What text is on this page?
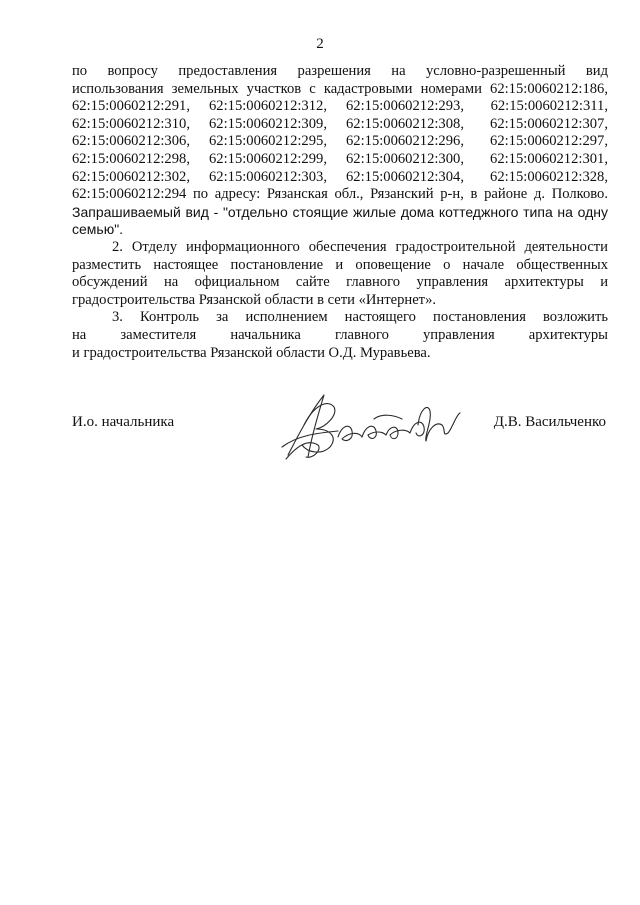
2

по вопросу предоставления разрешения на условно-разрешенный вид

использования земельных участков с кадастровыми номерами 62:15:0060212:186,

62:15:0060212:291,	62:15:0060212:312,	62:15:0060212:293,	62:15:0060212:311,
62:15:0060212:310,	62:15:0060212:309,	62:15:0060212:308,	62:15:0060212:307,
62:15:0060212:306,	62:15:0060212:295,	62:15:0060212:296,	62:15:0060212:297,
62:15:0060212:298,	62:15:0060212:299,	62:15:0060212:300,	62:15:0060212:301,
62:15:0060212:302,	62:15:0060212:303,	62:15:0060212:304,	62:15:0060212:328,

62:15:0060212:294 по адресу: Рязанская обл., Рязанский р-н, в районе д. Полково.

Запрашиваемый вид - "отдельно стоящие жилые дома коттеджного типа на одну семью".

2. Отделу информационного обеспечения градостроительной деятельности разместить настоящее постановление и оповещение о начале общественных обсуждений на официальном сайте главного управления архитектуры и градостроительства Рязанской области в сети «Интернет».

3. Контроль за исполнением настоящего постановления возложить

на заместителя начальника главного управления архитектуры

и градостроительства Рязанской области О.Д. Муравьева.

И.о. начальника	Д.В. Васильченко
